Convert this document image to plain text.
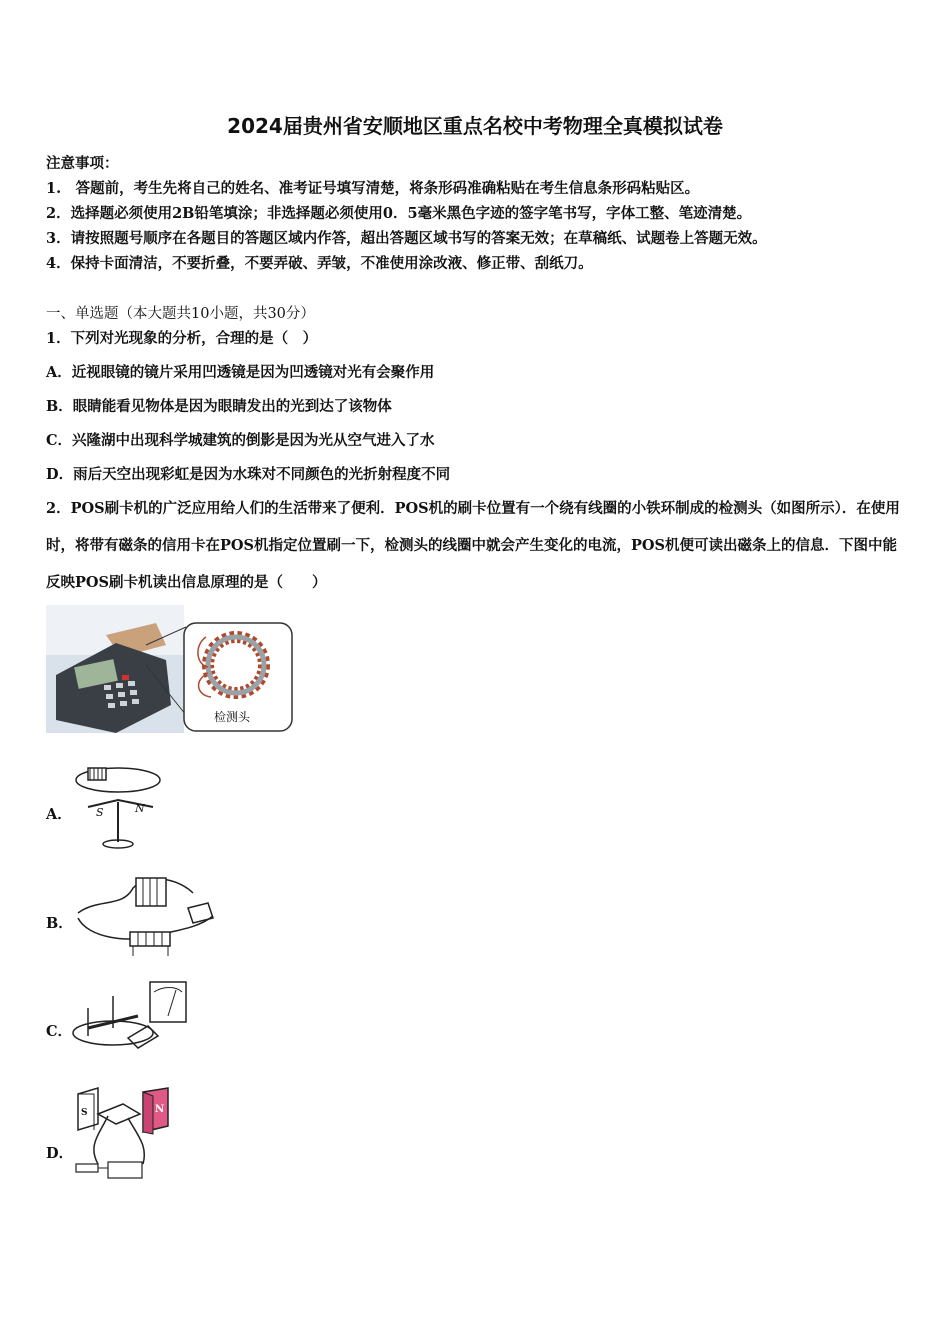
2024届贵州省安顺地区重点名校中考物理全真模拟试卷
注意事项：
1.　答题前，考生先将自己的姓名、准考证号填写清楚，将条形码准确粘贴在考生信息条形码粘贴区。
2．选择题必须使用2B铅笔填涂；非选择题必须使用0．5毫米黑色字迹的签字笔书写，字体工整、笔迹清楚。
3．请按照题号顺序在各题目的答题区域内作答，超出答题区域书写的答案无效；在草稿纸、试题卷上答题无效。
4．保持卡面清洁，不要折叠，不要弄破、弄皱，不准使用涂改液、修正带、刮纸刀。
一、单选题（本大题共10小题，共30分）
1．下列对光现象的分析，合理的是（　）
A．近视眼镜的镜片采用凹透镜是因为凹透镜对光有会聚作用
B．眼睛能看见物体是因为眼睛发出的光到达了该物体
C．兴隆湖中出现科学城建筑的倒影是因为光从空气进入了水
D．雨后天空出现彩虹是因为水珠对不同颜色的光折射程度不同
2．POS刷卡机的广泛应用给人们的生活带来了便利．POS机的刷卡位置有一个绕有线圈的小铁环制成的检测头（如图所示）．在使用时，将带有磁条的信用卡在POS机指定位置刷一下，检测头的线圈中就会产生变化的电流，POS机便可读出磁条上的信息．下图中能反映POS刷卡机读出信息原理的是（　　）
检测头
A． S	N
B．
C．
D．
S	N
